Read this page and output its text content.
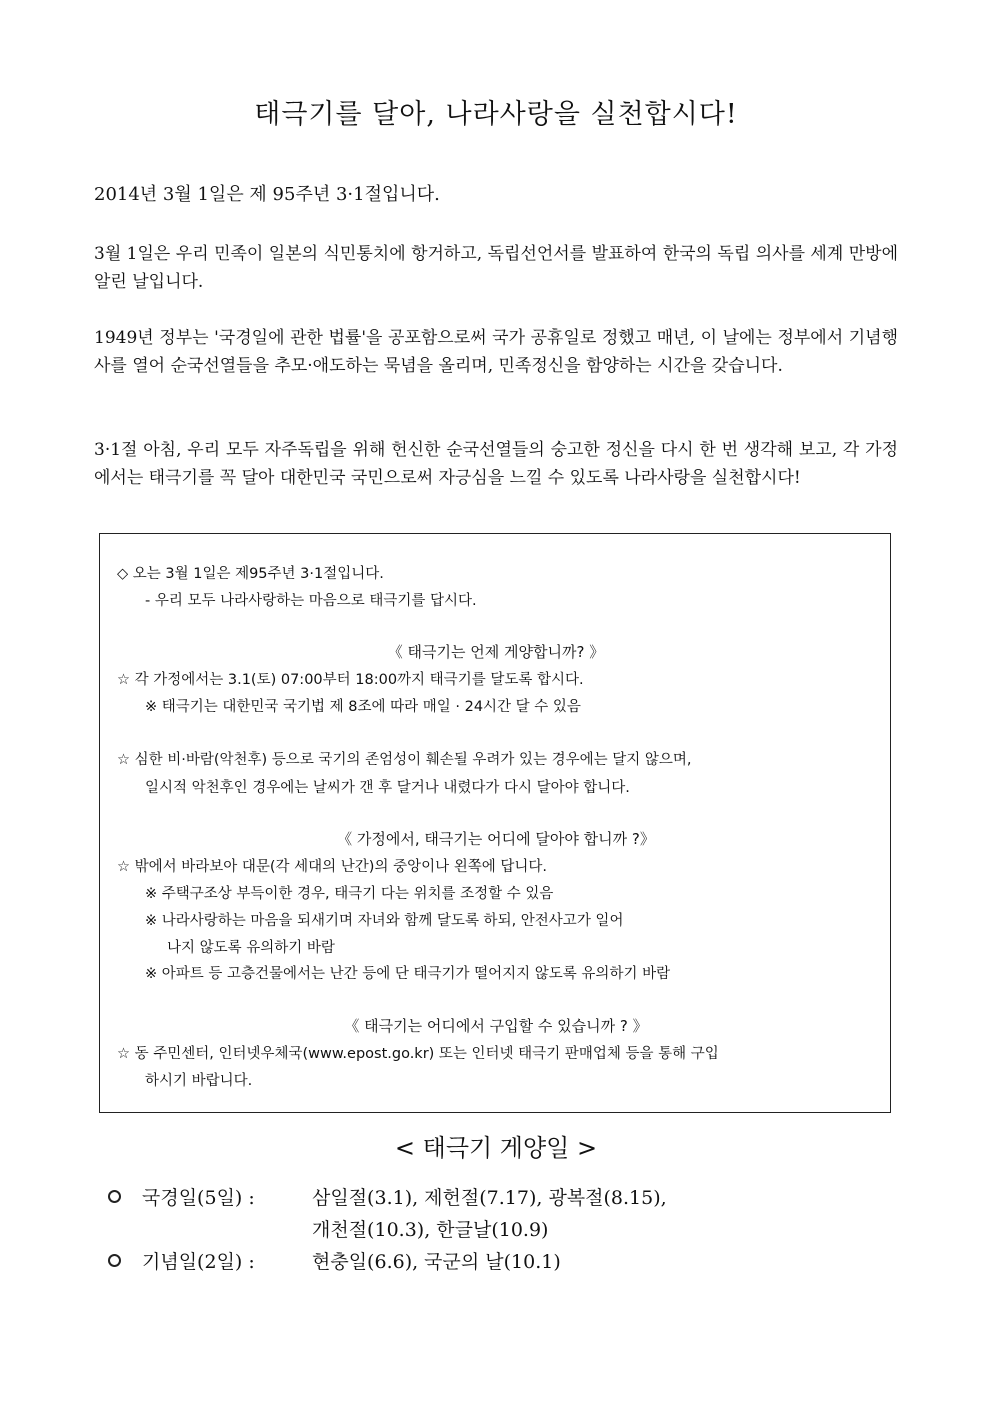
태극기를 달아, 나라사랑을 실천합시다!
2014년 3월 1일은 제 95주년 3·1절입니다.
3월 1일은 우리 민족이 일본의 식민통치에 항거하고, 독립선언서를 발표하여 한국의 독립 의사를 세계 만방에 알린 날입니다.
1949년 정부는 '국경일에 관한 법률'을 공포함으로써 국가 공휴일로 정했고 매년, 이 날에는 정부에서 기념행사를 열어 순국선열들을 추모·애도하는 묵념을 올리며, 민족정신을 함양하는 시간을 갖습니다.
3·1절 아침, 우리 모두 자주독립을 위해 헌신한 순국선열들의 숭고한 정신을 다시 한 번 생각해 보고, 각 가정에서는 태극기를 꼭 달아 대한민국 국민으로써 자긍심을 느낄 수 있도록 나라사랑을 실천합시다!
◇ 오는 3월 1일은 제95주년 3·1절입니다.
- 우리 모두 나라사랑하는 마음으로 태극기를 답시다.
《 태극기는 언제 게양합니까? 》
☆ 각 가정에서는 3.1(토) 07:00부터 18:00까지 태극기를 달도록 합시다.
※ 태극기는 대한민국 국기법 제 8조에 따라 매일 · 24시간 달 수 있음
☆ 심한 비·바람(악천후) 등으로 국기의 존엄성이 훼손될 우려가 있는 경우에는 달지 않으며,
일시적 악천후인 경우에는 날씨가 갠 후 달거나 내렸다가 다시 달아야 합니다.
《 가정에서, 태극기는 어디에 달아야 합니까 ?》
☆ 밖에서 바라보아 대문(각 세대의 난간)의 중앙이나 왼쪽에 답니다.
※ 주택구조상 부득이한 경우, 태극기 다는 위치를 조정할 수 있음
※ 나라사랑하는 마음을 되새기며 자녀와 함께 달도록 하되, 안전사고가 일어
나지 않도록 유의하기 바람
※ 아파트 등 고층건물에서는 난간 등에 단 태극기가 떨어지지 않도록 유의하기 바람
《 태극기는 어디에서 구입할 수 있습니까 ? 》
☆ 동 주민센터, 인터넷우체국(www.epost.go.kr) 또는 인터넷 태극기 판매업체 등을 통해 구입
하시기 바랍니다.
< 태극기 게양일 >
국경일(5일) :	삼일절(3.1), 제헌절(7.17), 광복절(8.15),
개천절(10.3), 한글날(10.9)
기념일(2일) :	현충일(6.6), 국군의 날(10.1)
